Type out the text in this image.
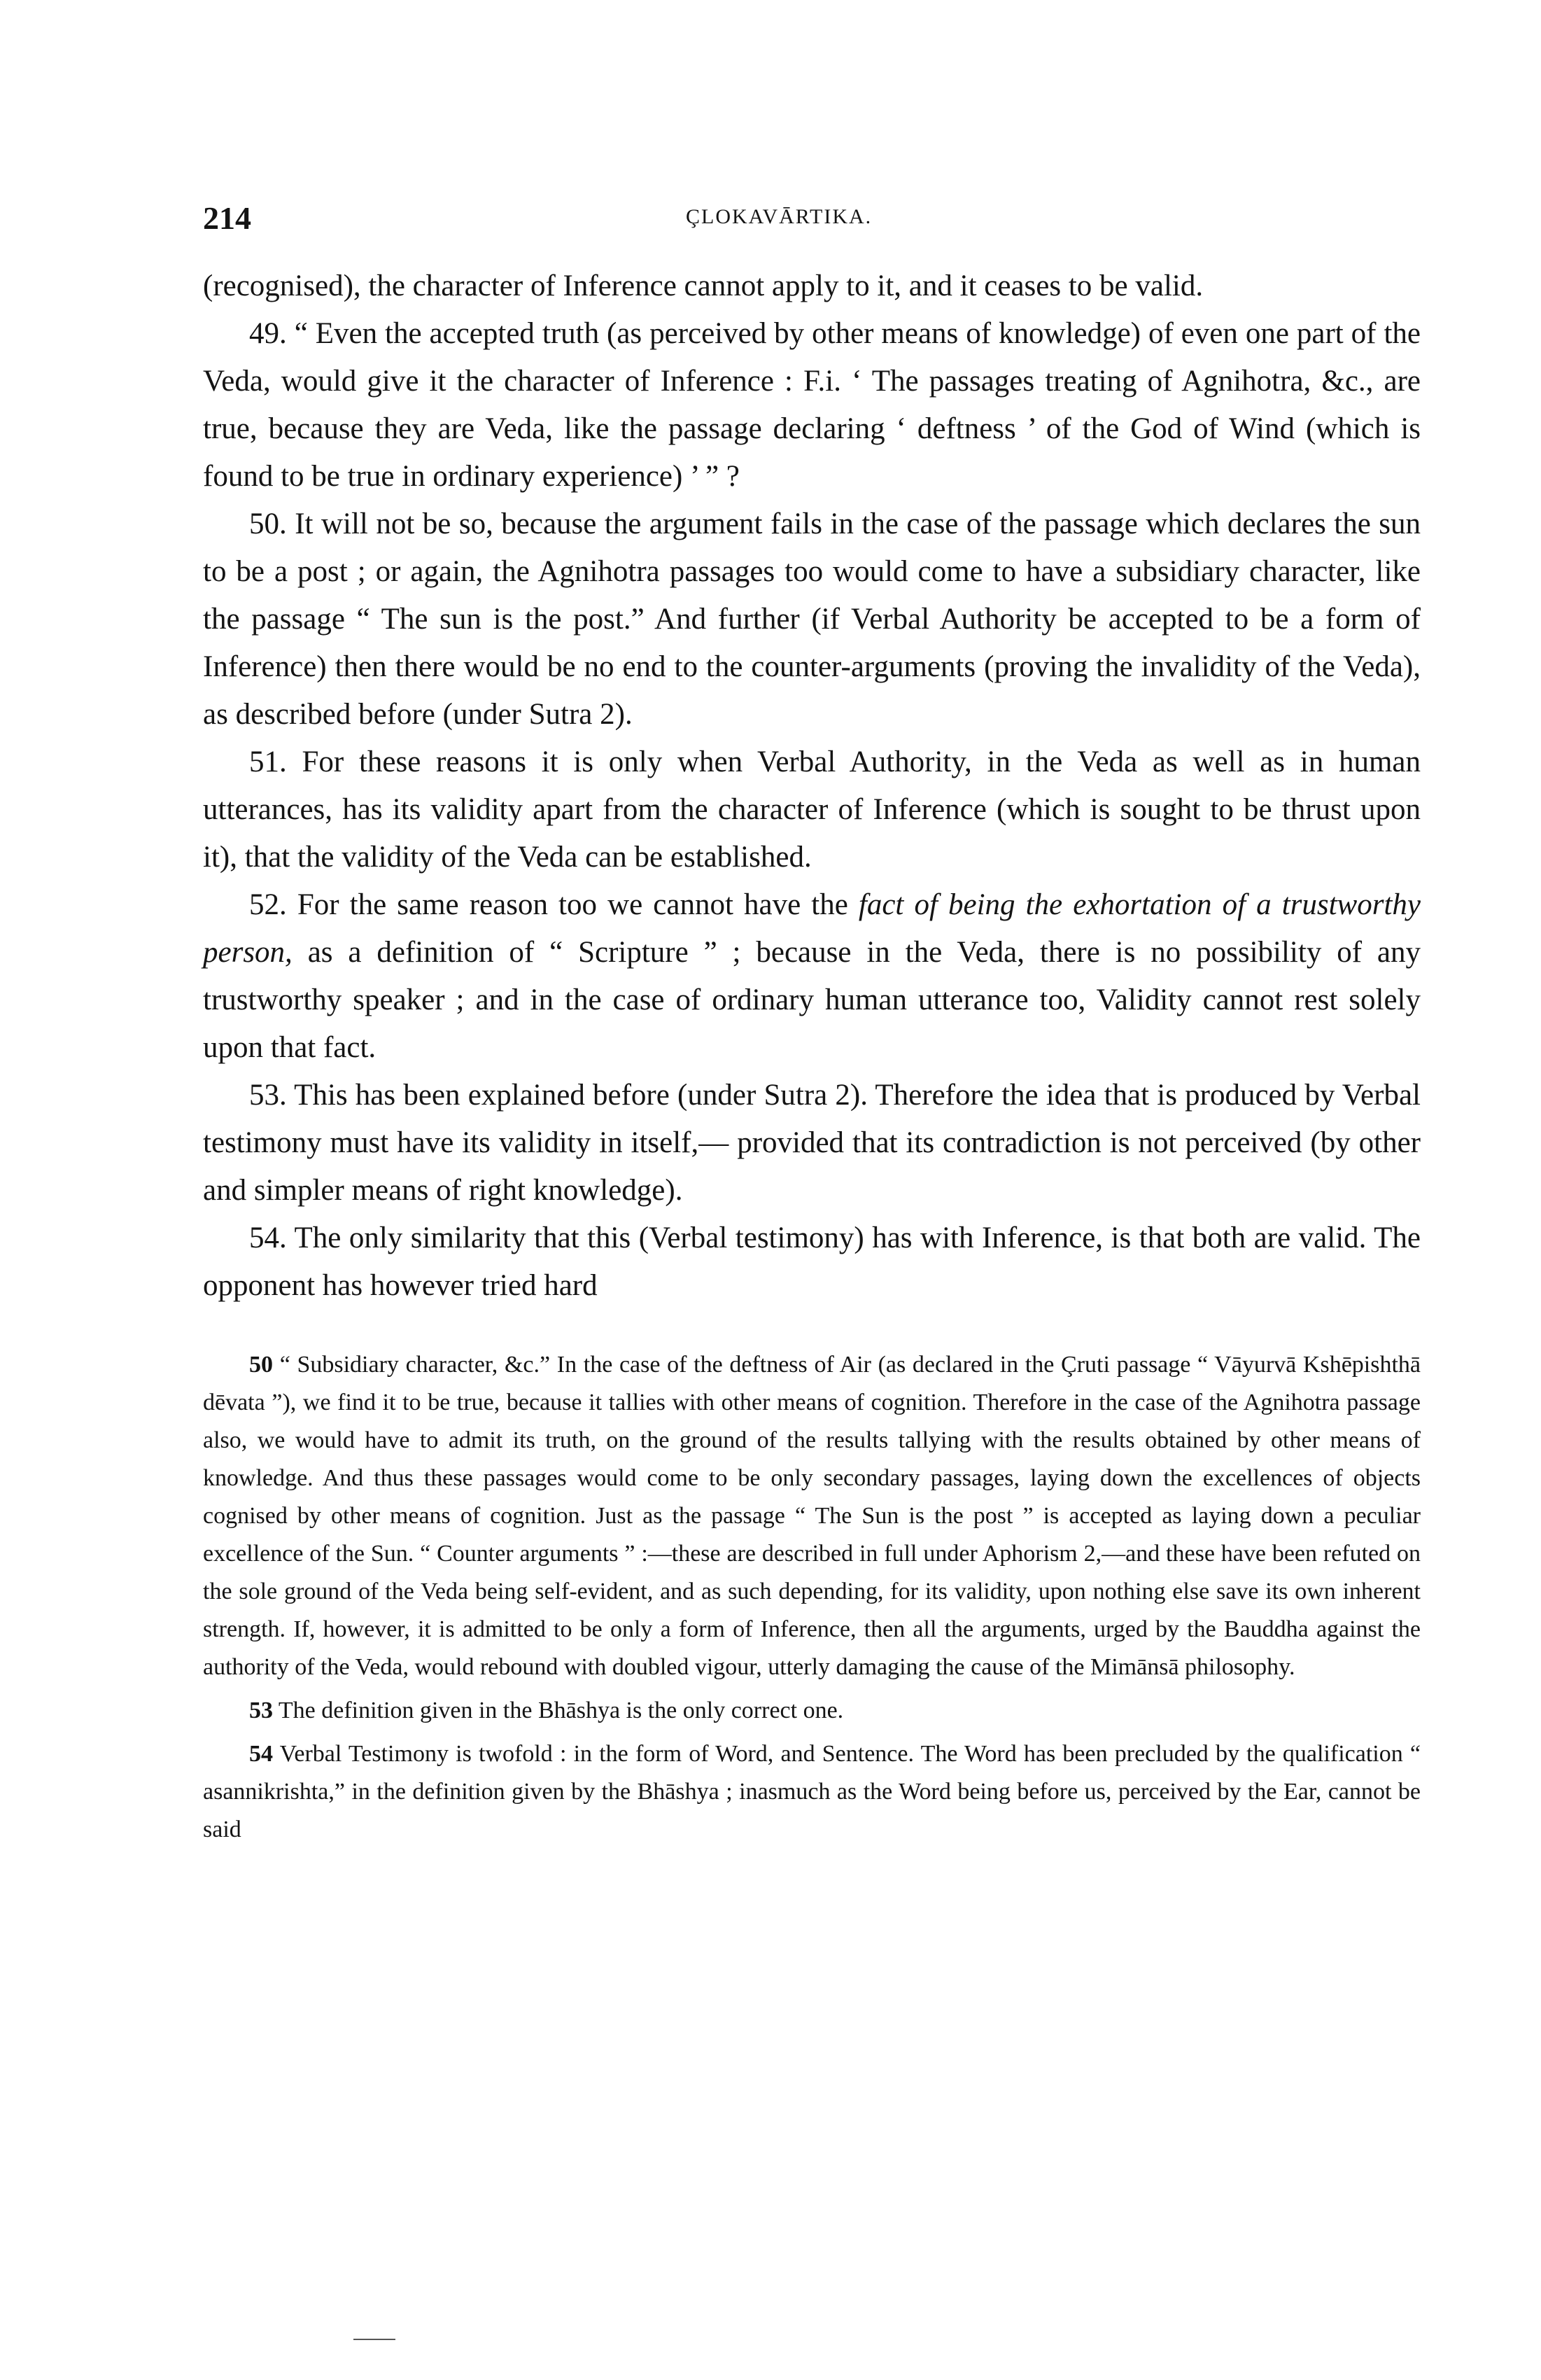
214	ÇLOKAVĀRTIKA.

(recognised), the character of Inference cannot apply to it, and it ceases to be valid.

49. “ Even the accepted truth (as perceived by other means of knowledge) of even one part of the Veda, would give it the character of Inference : F.i. ‘ The passages treating of Agnihotra, &c., are true, because they are Veda, like the passage declaring ‘ deftness ’ of the God of Wind (which is found to be true in ordinary experience) ’ ” ?

50. It will not be so, because the argument fails in the case of the passage which declares the sun to be a post ; or again, the Agnihotra passages too would come to have a subsidiary character, like the passage “ The sun is the post.” And further (if Verbal Authority be accepted to be a form of Inference) then there would be no end to the counter-arguments (proving the invalidity of the Veda), as described before (under Sutra 2).

51. For these reasons it is only when Verbal Authority, in the Veda as well as in human utterances, has its validity apart from the character of Inference (which is sought to be thrust upon it), that the validity of the Veda can be established.

52. For the same reason too we cannot have the fact of being the exhortation of a trustworthy person, as a definition of “ Scripture ” ; because in the Veda, there is no possibility of any trustworthy speaker ; and in the case of ordinary human utterance too, Validity cannot rest solely upon that fact.

53. This has been explained before (under Sutra 2). Therefore the idea that is produced by Verbal testimony must have its validity in itself,— provided that its contradiction is not perceived (by other and simpler means of right knowledge).

54. The only similarity that this (Verbal testimony) has with Inference, is that both are valid. The opponent has however tried hard

50 “ Subsidiary character, &c.” In the case of the deftness of Air (as declared in the Çruti passage “ Vāyurvā Kshēpishthā dēvata ”), we find it to be true, because it tallies with other means of cognition. Therefore in the case of the Agnihotra passage also, we would have to admit its truth, on the ground of the results tallying with the results obtained by other means of knowledge. And thus these passages would come to be only secondary passages, laying down the excellences of objects cognised by other means of cognition. Just as the passage “ The Sun is the post ” is accepted as laying down a peculiar excellence of the Sun. “ Counter arguments ” :—these are described in full under Aphorism 2,—and these have been refuted on the sole ground of the Veda being self-evident, and as such depending, for its validity, upon nothing else save its own inherent strength. If, however, it is admitted to be only a form of Inference, then all the arguments, urged by the Bauddha against the authority of the Veda, would rebound with doubled vigour, utterly damaging the cause of the Mimānsā philosophy.

53 The definition given in the Bhāshya is the only correct one.

54 Verbal Testimony is twofold : in the form of Word, and Sentence. The Word has been precluded by the qualification “ asannikrishta,” in the definition given by the Bhāshya ; inasmuch as the Word being before us, perceived by the Ear, cannot be said
